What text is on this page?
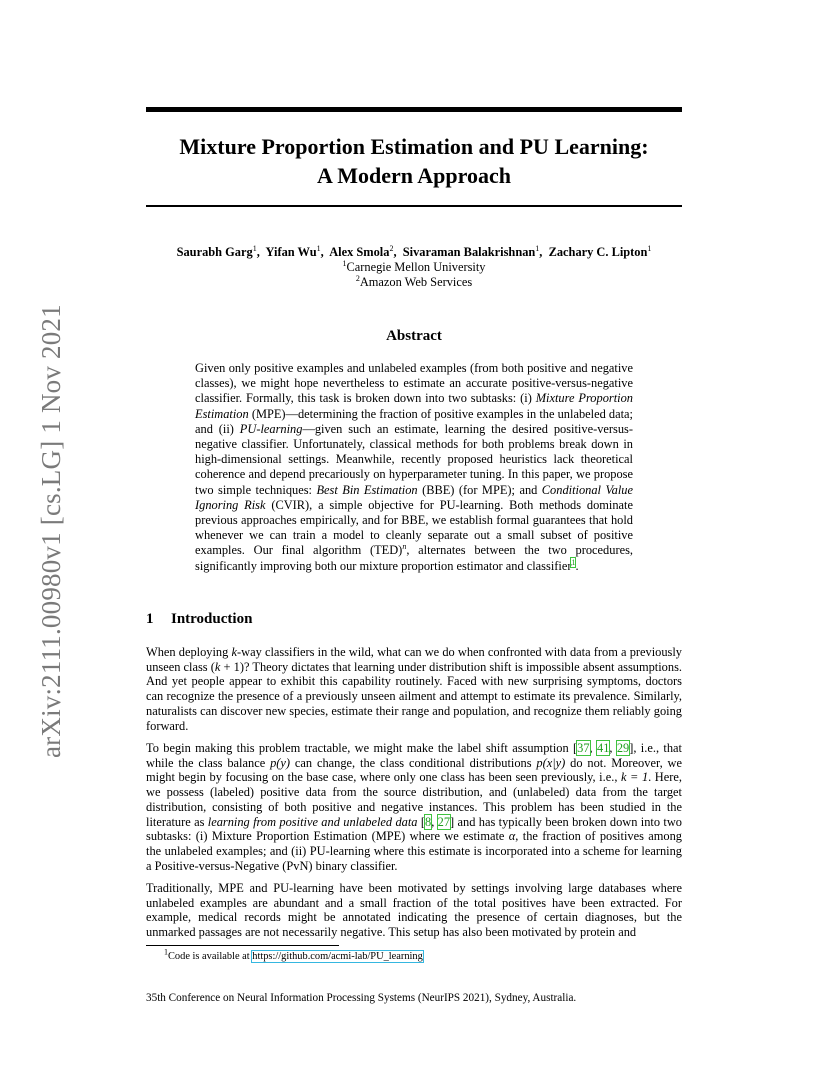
arXiv:2111.00980v1 [cs.LG] 1 Nov 2021
Mixture Proportion Estimation and PU Learning:
A Modern Approach
Saurabh Garg$^1$,  Yifan Wu$^1$,  Alex Smola$^2$,  Sivaraman Balakrishnan$^1$,  Zachary C. Lipton$^1$
$^1$Carnegie Mellon University
$^2$Amazon Web Services
Abstract

Given only positive examples and unlabeled examples (from both positive and negative classes), we might hope nevertheless to estimate an accurate positive-versus-negative classifier. Formally, this task is broken down into two subtasks: (i) Mixture Proportion Estimation (MPE)—determining the fraction of positive examples in the unlabeled data; and (ii) PU-learning—given such an estimate, learning the desired positive-versus-negative classifier. Unfortunately, classical methods for both problems break down in high-dimensional settings. Meanwhile, recently proposed heuristics lack theoretical coherence and depend precariously on hyperparameter tuning. In this paper, we propose two simple techniques: Best Bin Estimation (BBE) (for MPE); and Conditional Value Ignoring Risk (CVIR), a simple objective for PU-learning. Both methods dominate previous approaches empirically, and for BBE, we establish formal guarantees that hold whenever we can train a model to cleanly separate out a small subset of positive examples. Our final algorithm (TED)$^n$, alternates between the two procedures, significantly improving both our mixture proportion estimator and classifier$^1$.

1 Introduction

When deploying k-way classifiers in the wild, what can we do when confronted with data from a previously unseen class (k + 1)? Theory dictates that learning under distribution shift is impossible absent assumptions. And yet people appear to exhibit this capability routinely. Faced with new surprising symptoms, doctors can recognize the presence of a previously unseen ailment and attempt to estimate its prevalence. Similarly, naturalists can discover new species, estimate their range and population, and recognize them reliably going forward.

To begin making this problem tractable, we might make the label shift assumption [37, 41, 29], i.e., that while the class balance p(y) can change, the class conditional distributions p(x|y) do not. Moreover, we might begin by focusing on the base case, where only one class has been seen previously, i.e., k = 1. Here, we possess (labeled) positive data from the source distribution, and (unlabeled) data from the target distribution, consisting of both positive and negative instances. This problem has been studied in the literature as learning from positive and unlabeled data [8, 27] and has typically been broken down into two subtasks: (i) Mixture Proportion Estimation (MPE) where we estimate α, the fraction of positives among the unlabeled examples; and (ii) PU-learning where this estimate is incorporated into a scheme for learning a Positive-versus-Negative (PvN) binary classifier.

Traditionally, MPE and PU-learning have been motivated by settings involving large databases where unlabeled examples are abundant and a small fraction of the total positives have been extracted. For example, medical records might be annotated indicating the presence of certain diagnoses, but the unmarked passages are not necessarily negative. This setup has also been motivated by protein and

$^1$Code is available at https://github.com/acmi-lab/PU_learning
35th Conference on Neural Information Processing Systems (NeurIPS 2021), Sydney, Australia.
